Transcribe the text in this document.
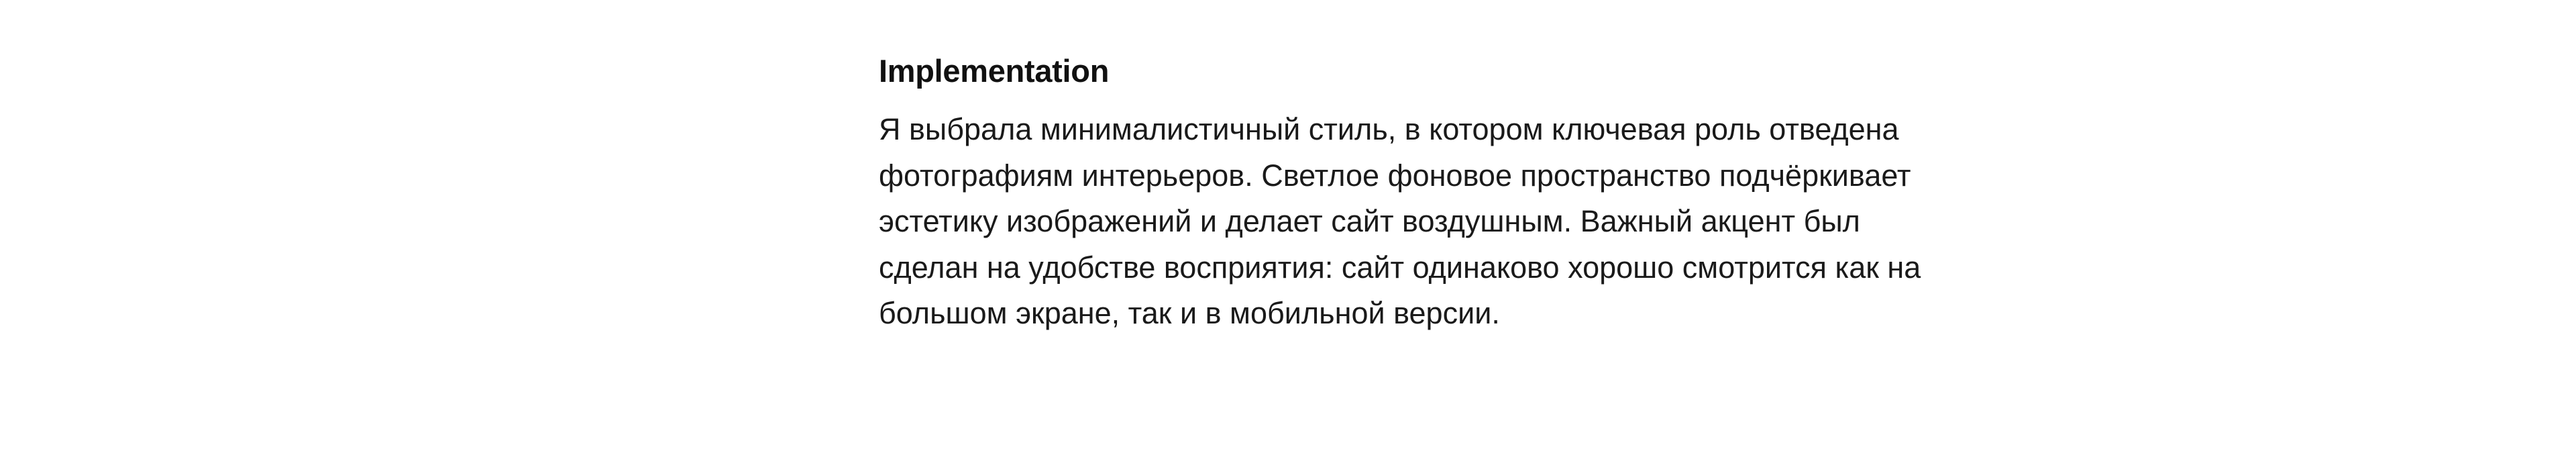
Implementation

Я выбрала минималистичный стиль, в котором ключевая роль отведена фотографиям интерьеров. Светлое фоновое пространство подчёркивает эстетику изображений и делает сайт воздушным. Важный акцент был сделан на удобстве восприятия: сайт одинаково хорошо смотрится как на большом экране, так и в мобильной версии.
